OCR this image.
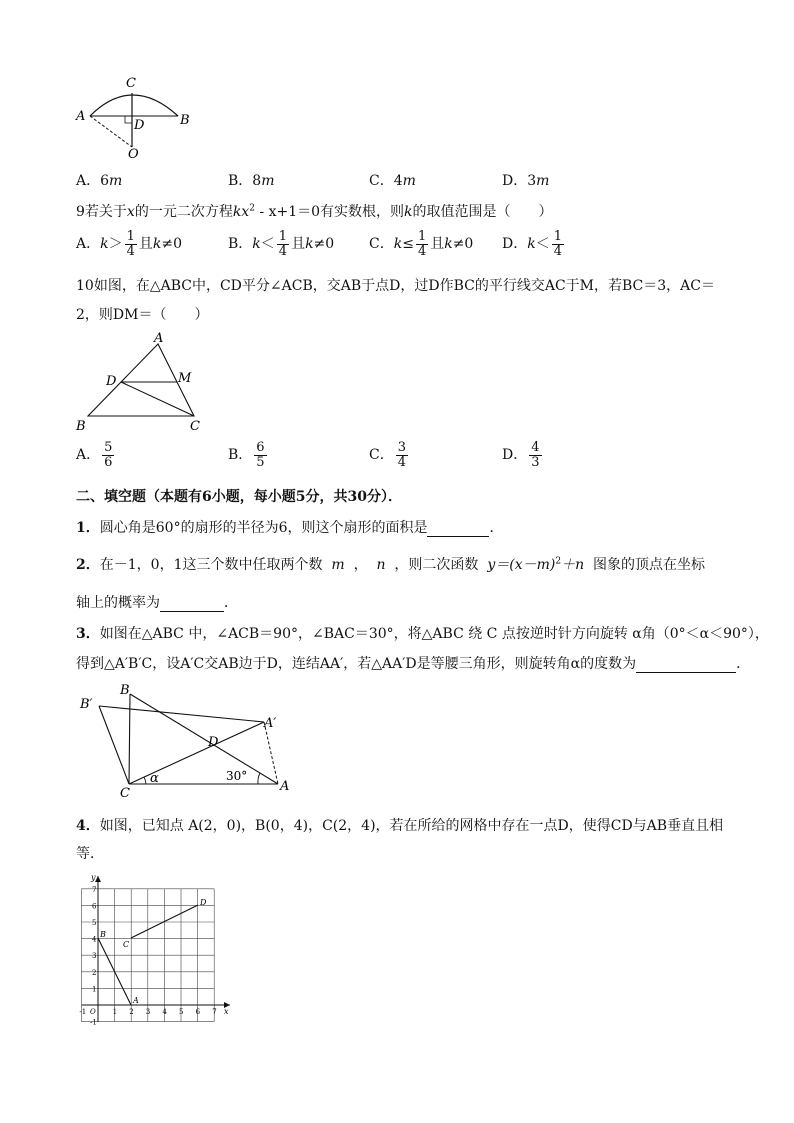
C
A	B
D
O
A．6m	B．8m	C．4m	D．3m
9若关于x的一元二次方程$kx^2 - x+1=0$有实数根，则k的取值范围是（　　）
A．$k> \frac{1}{4}$ 且k≠0	B．$k< \frac{1}{4}$ 且k≠0 C．$k\le \frac{1}{4}$ 且k≠0 D．$k< \frac{1}{4}$
10如图，在△ABC中，CD平分∠ACB，交AB于点D，过D作BC的平行线交AC于M，若BC＝3，AC＝
2，则DM＝（　　）
A
D	M
B	C
A． $\frac{5}{6}$	B． $\frac{6}{5}$	C． $\frac{3}{4}$	D． $\frac{4}{3}$
二、填空题（本题有6小题，每小题5分，共30分）．
1．圆心角是60°的扇形的半径为6，则这个扇形的面积是	．
2．在－1，0，1这三个数中任取两个数 m ， n ，则二次函数 $y=(x-m)^2+n$ 图象的顶点在坐标
轴上的概率为	．
3．如图在△ABC 中，∠ACB＝90°，∠BAC＝30°，将△ABC 绕 C 点按逆时针方向旋转 α角（0°＜α＜90°），
得到△A′B′C，设A′C交AB边于D，连结AA′，若△AA′D是等腰三角形，则旋转角α的度数为	．
B′
B
A′
D
C	A
α	30°
4．如图，已知点 A(2，0)，B(0，4)，C(2，4)，若在所给的网格中存在一点D，使得CD与AB垂直且相
等．
-1 O 1 2 3 4 5 6 7
1
2
3
4
5
6
7
-1
x
y
A
B
C
D
